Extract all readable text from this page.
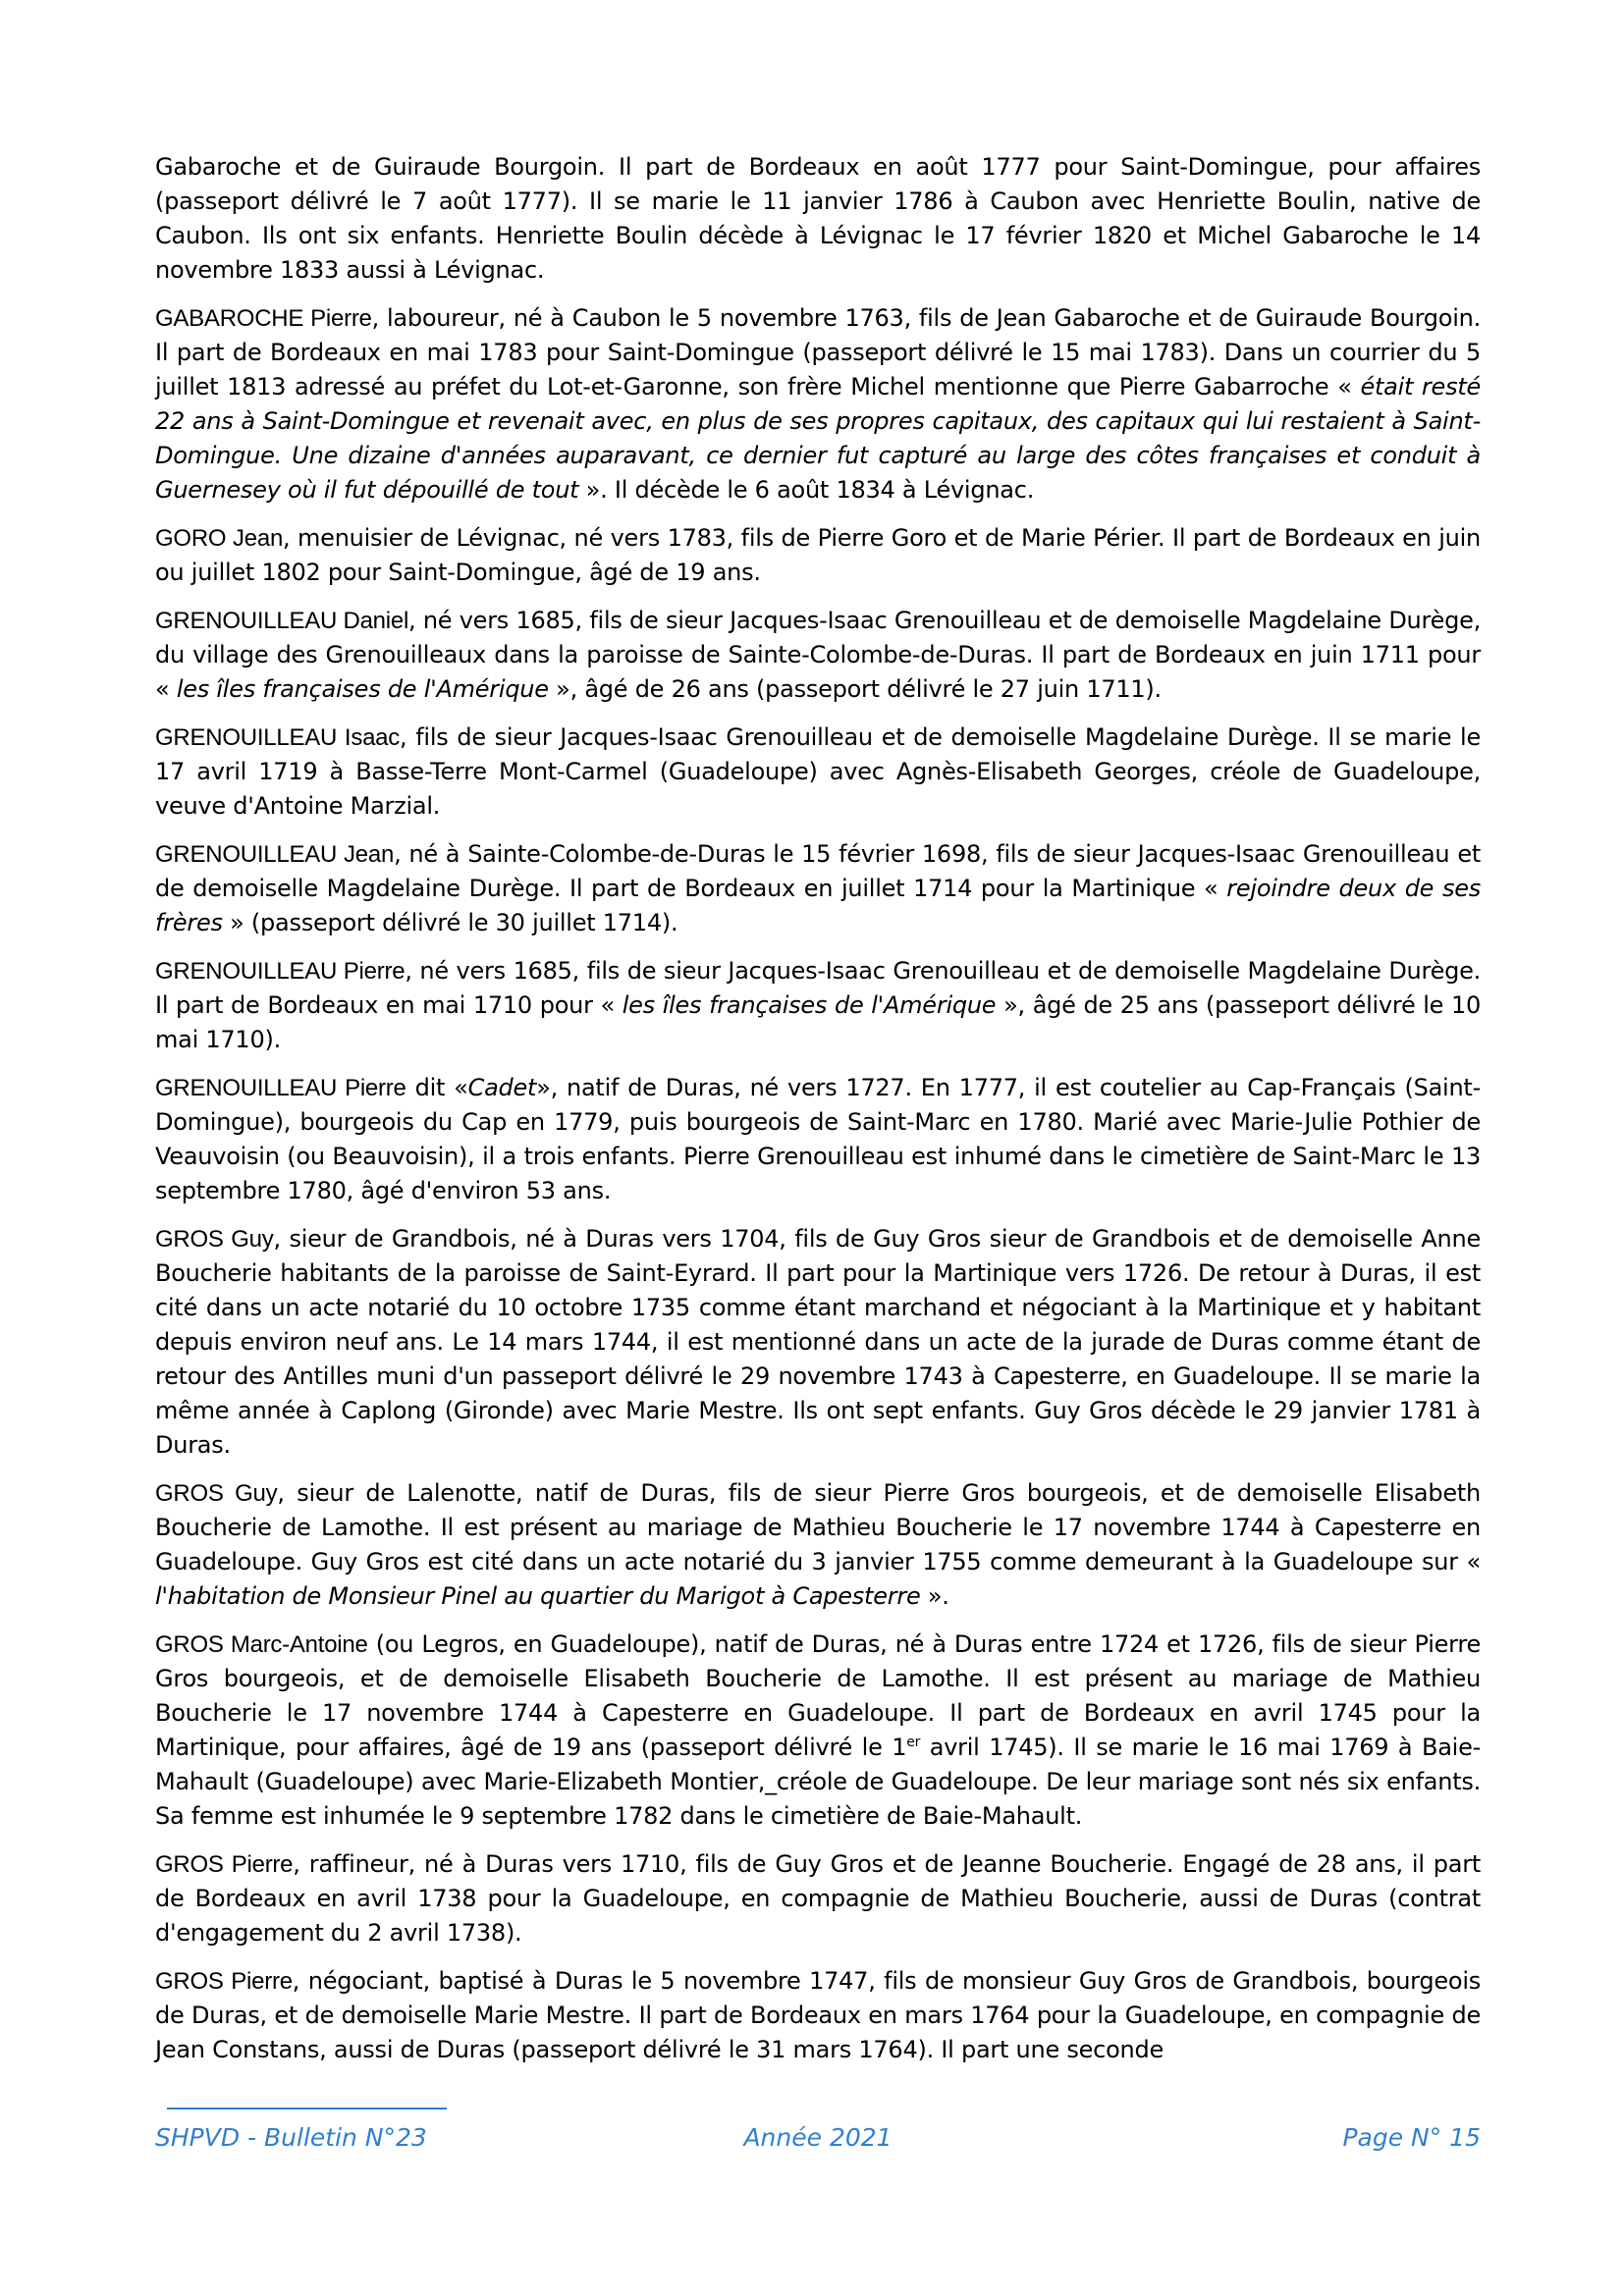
Gabaroche et de Guiraude Bourgoin. Il part de Bordeaux en août 1777 pour Saint-Domingue, pour affaires (passeport délivré le 7 août 1777). Il se marie le 11 janvier 1786 à Caubon avec Henriette Boulin, native de Caubon. Ils ont six enfants. Henriette Boulin décède à Lévignac le 17 février 1820 et Michel Gabaroche le 14 novembre 1833 aussi à Lévignac.

GABAROCHE Pierre, laboureur, né à Caubon le 5 novembre 1763, fils de Jean Gabaroche et de Guiraude Bourgoin. Il part de Bordeaux en mai 1783 pour Saint-Domingue (passeport délivré le 15 mai 1783). Dans un courrier du 5 juillet 1813 adressé au préfet du Lot-et-Garonne, son frère Michel mentionne que Pierre Gabarroche « était resté 22 ans à Saint-Domingue et revenait avec, en plus de ses propres capitaux, des capitaux qui lui restaient à Saint-Domingue. Une dizaine d'années auparavant, ce dernier fut capturé au large des côtes françaises et conduit à Guernesey où il fut dépouillé de tout ». Il décède le 6 août 1834 à Lévignac.

GORO Jean, menuisier de Lévignac, né vers 1783, fils de Pierre Goro et de Marie Périer. Il part de Bordeaux en juin ou juillet 1802 pour Saint-Domingue, âgé de 19 ans.

GRENOUILLEAU Daniel, né vers 1685, fils de sieur Jacques-Isaac Grenouilleau et de demoiselle Magdelaine Durège, du village des Grenouilleaux dans la paroisse de Sainte-Colombe-de-Duras. Il part de Bordeaux en juin 1711 pour « les îles françaises de l'Amérique », âgé de 26 ans (passeport délivré le 27 juin 1711).

GRENOUILLEAU Isaac, fils de sieur Jacques-Isaac Grenouilleau et de demoiselle Magdelaine Durège. Il se marie le 17 avril 1719 à Basse-Terre Mont-Carmel (Guadeloupe) avec Agnès-Elisabeth Georges, créole de Guadeloupe, veuve d'Antoine Marzial.

GRENOUILLEAU Jean, né à Sainte-Colombe-de-Duras le 15 février 1698, fils de sieur Jacques-Isaac Grenouilleau et de demoiselle Magdelaine Durège. Il part de Bordeaux en juillet 1714 pour la Martinique « rejoindre deux de ses frères » (passeport délivré le 30 juillet 1714).

GRENOUILLEAU Pierre, né vers 1685, fils de sieur Jacques-Isaac Grenouilleau et de demoiselle Magdelaine Durège. Il part de Bordeaux en mai 1710 pour « les îles françaises de l'Amérique », âgé de 25 ans (passeport délivré le 10 mai 1710).

GRENOUILLEAU Pierre dit «Cadet», natif de Duras, né vers 1727. En 1777, il est coutelier au Cap-Français (Saint-Domingue), bourgeois du Cap en 1779, puis bourgeois de Saint-Marc en 1780. Marié avec Marie-Julie Pothier de Veauvoisin (ou Beauvoisin), il a trois enfants. Pierre Grenouilleau est inhumé dans le cimetière de Saint-Marc le 13 septembre 1780, âgé d'environ 53 ans.

GROS Guy, sieur de Grandbois, né à Duras vers 1704, fils de Guy Gros sieur de Grandbois et de demoiselle Anne Boucherie habitants de la paroisse de Saint-Eyrard. Il part pour la Martinique vers 1726. De retour à Duras, il est cité dans un acte notarié du 10 octobre 1735 comme étant marchand et négociant à la Martinique et y habitant depuis environ neuf ans. Le 14 mars 1744, il est mentionné dans un acte de la jurade de Duras comme étant de retour des Antilles muni d'un passeport délivré le 29 novembre 1743 à Capesterre, en Guadeloupe. Il se marie la même année à Caplong (Gironde) avec Marie Mestre. Ils ont sept enfants. Guy Gros décède le 29 janvier 1781 à Duras.

GROS Guy, sieur de Lalenotte, natif de Duras, fils de sieur Pierre Gros bourgeois, et de demoiselle Elisabeth Boucherie de Lamothe. Il est présent au mariage de Mathieu Boucherie le 17 novembre 1744 à Capesterre en Guadeloupe. Guy Gros est cité dans un acte notarié du 3 janvier 1755 comme demeurant à la Guadeloupe sur « l'habitation de Monsieur Pinel au quartier du Marigot à Capesterre ».

GROS Marc-Antoine (ou Legros, en Guadeloupe), natif de Duras, né à Duras entre 1724 et 1726, fils de sieur Pierre Gros bourgeois, et de demoiselle Elisabeth Boucherie de Lamothe. Il est présent au mariage de Mathieu Boucherie le 17 novembre 1744 à Capesterre en Guadeloupe. Il part de Bordeaux en avril 1745 pour la Martinique, pour affaires, âgé de 19 ans (passeport délivré le 1er avril 1745). Il se marie le 16 mai 1769 à Baie-Mahault (Guadeloupe) avec Marie-Elizabeth Montier,_créole de Guadeloupe. De leur mariage sont nés six enfants. Sa femme est inhumée le 9 septembre 1782 dans le cimetière de Baie-Mahault.

GROS Pierre, raffineur, né à Duras vers 1710, fils de Guy Gros et de Jeanne Boucherie. Engagé de 28 ans, il part de Bordeaux en avril 1738 pour la Guadeloupe, en compagnie de Mathieu Boucherie, aussi de Duras (contrat d'engagement du 2 avril 1738).

GROS Pierre, négociant, baptisé à Duras le 5 novembre 1747, fils de monsieur Guy Gros de Grandbois, bourgeois de Duras, et de demoiselle Marie Mestre. Il part de Bordeaux en mars 1764 pour la Guadeloupe, en compagnie de Jean Constans, aussi de Duras (passeport délivré le 31 mars 1764). Il part une seconde

SHPVD - Bulletin N°23	Année 2021	Page N° 15
